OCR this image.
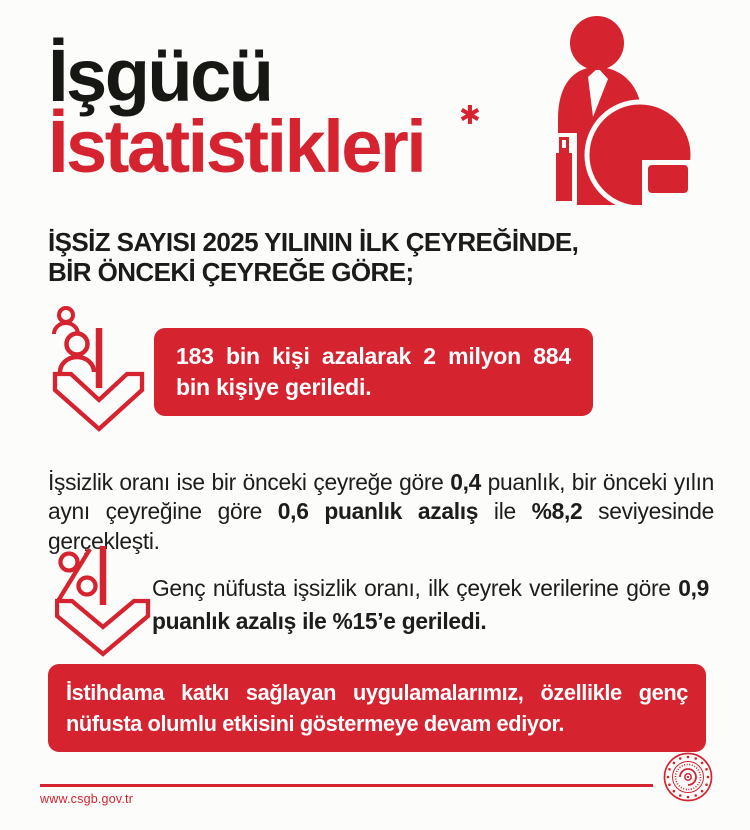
İşgücü
İstatistikleri ✱
İŞSİZ SAYISI 2025 YILININ İLK ÇEYREĞİNDE,
BİR ÖNCEKİ ÇEYREĞE GÖRE;
183 bin kişi azalarak 2 milyon 884 bin kişiye geriledi.

İşsizlik oranı ise bir önceki çeyreğe göre 0,4 puanlık, bir önceki yılın aynı çeyreğine göre 0,6 puanlık azalış ile %8,2 seviyesinde gerçekleşti.

Genç nüfusta işsizlik oranı, ilk çeyrek verilerine göre 0,9 puanlık azalış ile %15’e geriledi.

İstihdama katkı sağlayan uygulamalarımız, özellikle genç nüfusta olumlu etkisini göstermeye devam ediyor.
www.csgb.gov.tr
